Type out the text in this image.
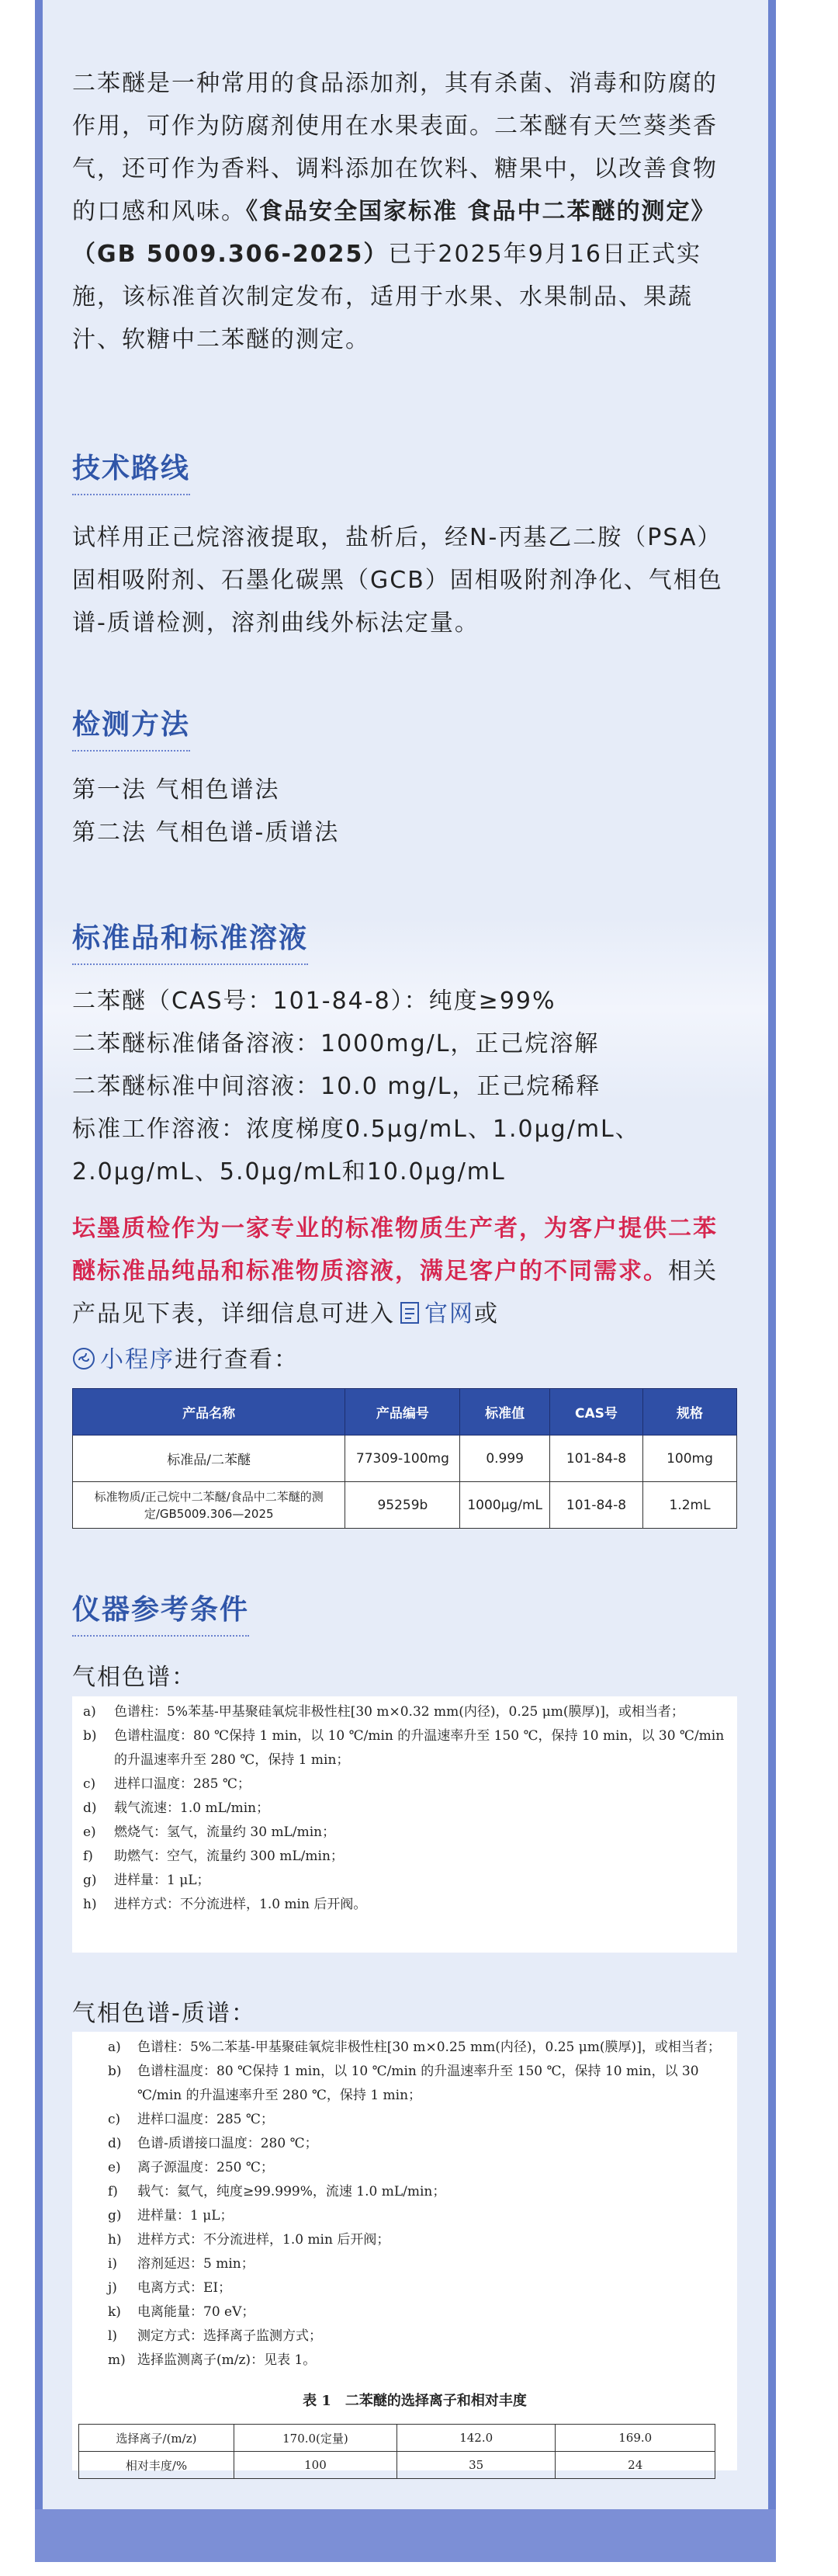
二苯醚是一种常用的食品添加剂，其有杀菌、消毒和防腐的作用，可作为防腐剂使用在水果表面。二苯醚有天竺葵类香气，还可作为香料、调料添加在饮料、糖果中，以改善食物的口感和风味。《食品安全国家标准 食品中二苯醚的测定》（GB 5009.306-2025）已于2025年9月16日正式实施，该标准首次制定发布，适用于水果、水果制品、果蔬汁、软糖中二苯醚的测定。

技术路线

试样用正己烷溶液提取，盐析后，经N-丙基乙二胺（PSA）固相吸附剂、石墨化碳黑（GCB）固相吸附剂净化、气相色谱-质谱检测，溶剂曲线外标法定量。

检测方法

第一法 气相色谱法

第二法 气相色谱-质谱法

标准品和标准溶液

二苯醚（CAS号：101-84-8）：纯度≥99%

二苯醚标准储备溶液：1000mg/L，正己烷溶解

二苯醚标准中间溶液：10.0 mg/L，正己烷稀释

标准工作溶液：浓度梯度0.5μg/mL、1.0μg/mL、

2.0μg/mL、5.0μg/mL和10.0μg/mL

坛墨质检作为一家专业的标准物质生产者，为客户提供二苯醚标准品纯品和标准物质溶液，满足客户的不同需求。相关产品见下表，详细信息可进入 官网或
小程序进行查看：

产品名称	产品编号	标准值	CAS号	规格
标准品/二苯醚	77309-100mg	0.999	101-84-8	100mg
标准物质/正己烷中二苯醚/食品中二苯醚的测定/GB5009.306—2025	95259b	1000μg/mL	101-84-8	1.2mL
仪器参考条件
气相色谱：
a)	色谱柱：5%苯基-甲基聚硅氧烷非极性柱[30 m×0.32 mm(内径)，0.25 μm(膜厚)]，或相当者；
b)	色谱柱温度：80 ℃保持 1 min，以 10 ℃/min 的升温速率升至 150 ℃，保持 10 min，以 30 ℃/min 的升温速率升至 280 ℃，保持 1 min；
c)	进样口温度：285 ℃；
d)	载气流速：1.0 mL/min；
e)	燃烧气：氢气，流量约 30 mL/min；
f)	助燃气：空气，流量约 300 mL/min；
g)	进样量：1 μL；
h)	进样方式：不分流进样，1.0 min 后开阀。
气相色谱-质谱：
a)	色谱柱：5%二苯基-甲基聚硅氧烷非极性柱[30 m×0.25 mm(内径)，0.25 μm(膜厚)]，或相当者；
b)	色谱柱温度：80 ℃保持 1 min，以 10 ℃/min 的升温速率升至 150 ℃，保持 10 min，以 30 ℃/min 的升温速率升至 280 ℃，保持 1 min；
c)	进样口温度：285 ℃；
d)	色谱-质谱接口温度：280 ℃；
e)	离子源温度：250 ℃；
f)	载气：氦气，纯度≥99.999%，流速 1.0 mL/min；
g)	进样量：1 μL；
h)	进样方式：不分流进样，1.0 min 后开阀；
i)	溶剂延迟：5 min；
j)	电离方式：EI；
k)	电离能量：70 eV；
l)	测定方式：选择离子监测方式；
m) 选择监测离子(m/z)：见表 1。
表 1　二苯醚的选择离子和相对丰度
选择离子/(m/z)	170.0(定量)	142.0	169.0
相对丰度/%	100	35	24
